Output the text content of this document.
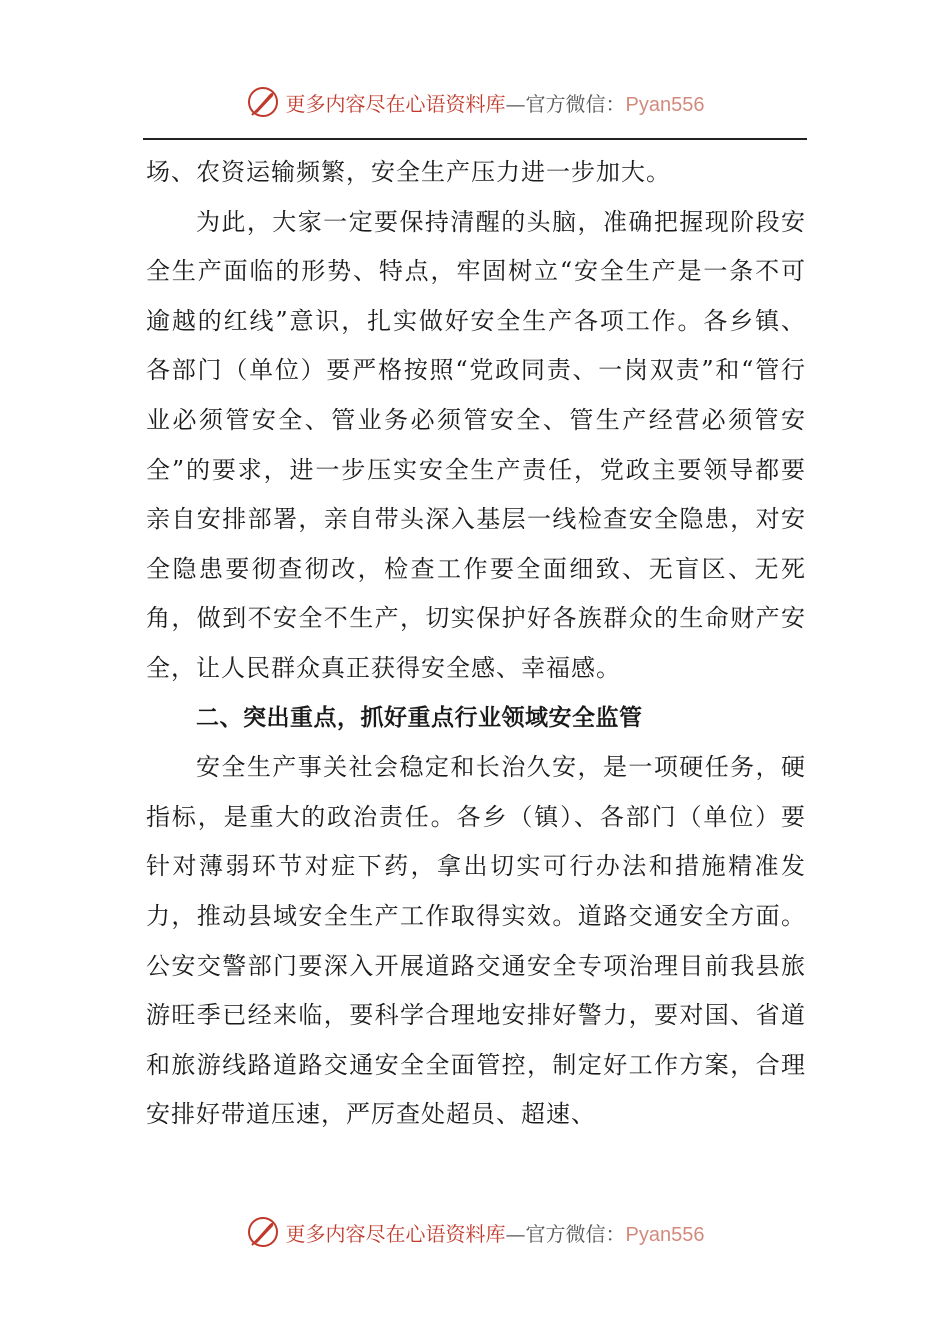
更多内容尽在心语资料库—官方微信：Pyan556

场、农资运输频繁，安全生产压力进一步加大。

为此，大家一定要保持清醒的头脑，准确把握现阶段安全生产面临的形势、特点，牢固树立“安全生产是一条不可逾越的红线”意识，扎实做好安全生产各项工作。各乡镇、各部门（单位）要严格按照“党政同责、一岗双责”和“管行业必须管安全、管业务必须管安全、管生产经营必须管安全”的要求，进一步压实安全生产责任，党政主要领导都要亲自安排部署，亲自带头深入基层一线检查安全隐患，对安全隐患要彻查彻改，检查工作要全面细致、无盲区、无死角，做到不安全不生产，切实保护好各族群众的生命财产安全，让人民群众真正获得安全感、幸福感。

二、突出重点，抓好重点行业领域安全监管

安全生产事关社会稳定和长治久安，是一项硬任务，硬指标，是重大的政治责任。各乡（镇）、各部门（单位）要针对薄弱环节对症下药，拿出切实可行办法和措施精准发力，推动县域安全生产工作取得实效。道路交通安全方面。公安交警部门要深入开展道路交通安全专项治理目前我县旅游旺季已经来临，要科学合理地安排好警力，要对国、省道和旅游线路道路交通安全全面管控，制定好工作方案，合理安排好带道压速，严厉查处超员、超速、

更多内容尽在心语资料库—官方微信：Pyan556
